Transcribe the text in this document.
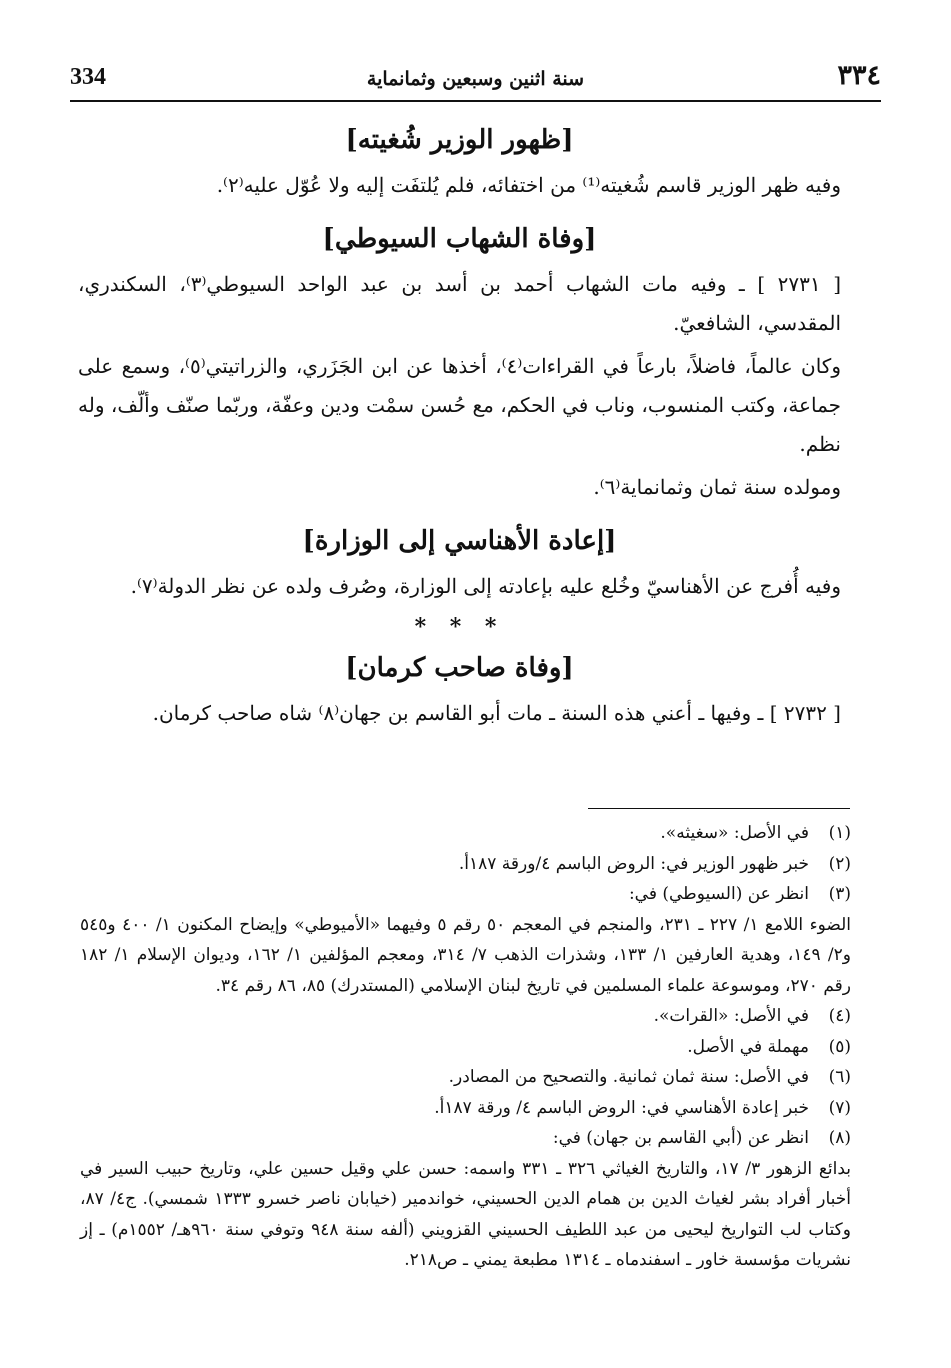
334	سنة اثنين وسبعين وثمانماية	٣٣٤
[ظهور الوزير شُغيته]

وفيه ظهر الوزير قاسم شُغيته⁽¹⁾ من اختفائه، فلم يُلتفَت إليه ولا عُوّل عليه⁽٢⁾.

[وفاة الشهاب السيوطي]

[ ٢٧٣١ ] ـ وفيه مات الشهاب أحمد بن أسد بن عبد الواحد السيوطي⁽٣⁾، السكندري، المقدسي، الشافعيّ.

وكان عالماً، فاضلاً، بارعاً في القراءات⁽٤⁾، أخذها عن ابن الجَزَري، والزراتيتي⁽٥⁾، وسمع على جماعة، وكتب المنسوب، وناب في الحكم، مع حُسن سمْت ودين وعفّة، وربّما صنّف وألّف، وله نظم.

ومولده سنة ثمان وثمانماية⁽٦⁾.

[إعادة الأهناسي إلى الوزارة]

وفيه أُفرج عن الأهناسيّ وخُلع عليه بإعادته إلى الوزارة، وصُرف ولده عن نظر الدولة⁽٧⁾.

* * *
[وفاة صاحب كرمان]

[ ٢٧٣٢ ] ـ وفيها ـ أعني هذه السنة ـ مات أبو القاسم بن جهان⁽٨⁾ شاه صاحب كرمان.

(١)
في الأصل: «سغيثه».
(٢)
خبر ظهور الوزير في: الروض الباسم ٤/ورقة ١٨٧أ.
(٣)
انظر عن (السيوطي) في:
الضوء اللامع ١/ ٢٢٧ ـ ٢٣١، والمنجم في المعجم ٥٠ رقم ٥ وفيهما «الأميوطي» وإيضاح المكنون ١/ ٤٠٠ و٥٤٥ و٢/ ١٤٩، وهدية العارفين ١/ ١٣٣، وشذرات الذهب ٧/ ٣١٤، ومعجم المؤلفين ١/ ١٦٢، وديوان الإسلام ١/ ١٨٢ رقم ٢٧٠، وموسوعة علماء المسلمين في تاريخ لبنان الإسلامي (المستدرك) ٨٥، ٨٦ رقم ٣٤.
(٤)
في الأصل: «القرات».
(٥)
مهملة في الأصل.
(٦)
في الأصل: سنة ثمان ثمانية. والتصحيح من المصادر.
(٧)
خبر إعادة الأهناسي في: الروض الباسم ٤/ ورقة ١٨٧أ.
(٨)
انظر عن (أبي القاسم بن جهان) في:
بدائع الزهور ٣/ ١٧، والتاريخ الغياثي ٣٢٦ ـ ٣٣١ واسمه: حسن علي وقيل حسين علي، وتاريخ حبيب السير في أخبار أفراد بشر لغياث الدين بن همام الدين الحسيني، خواندمير (خيابان ناصر خسرو ١٣٣٣ شمسي). ج٤/ ٨٧، وكتاب لب التواريخ ليحيى من عبد اللطيف الحسيني القزويني (ألفه سنة ٩٤٨ وتوفي سنة ٩٦٠هـ/ ١٥٥٢م) ـ إز نشريات مؤسسة خاور ـ اسفندماه ـ ١٣١٤ مطبعة يمني ـ ص٢١٨.
